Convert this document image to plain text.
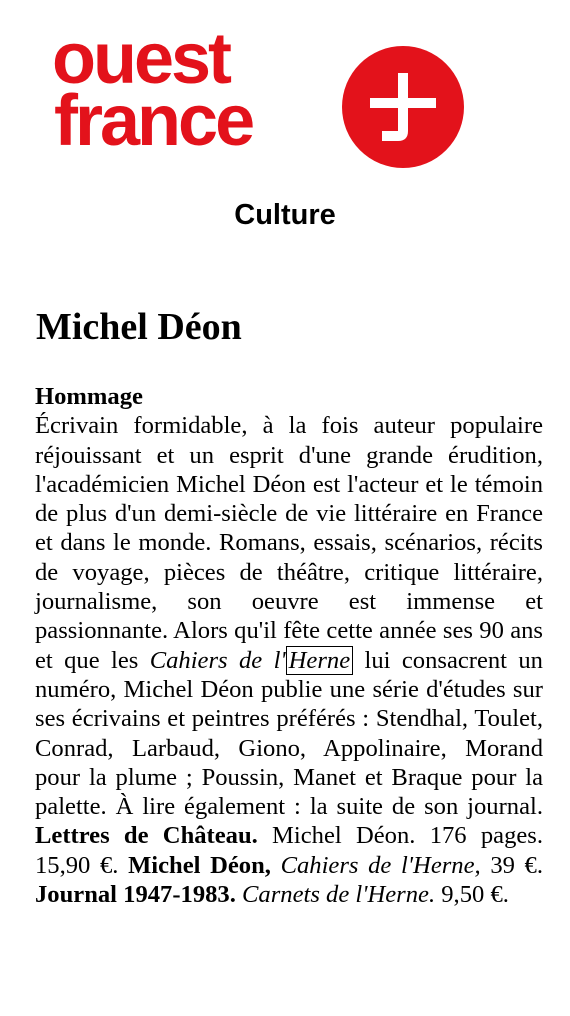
ouest
france
Culture
Michel Déon
Hommage
Écrivain formidable, à la fois auteur populaire réjouissant et un esprit d'une grande érudition, l'académicien Michel Déon est l'acteur et le témoin de plus d'un demi-siècle de vie littéraire en France et dans le monde. Romans, essais, scénarios, récits de voyage, pièces de théâtre, critique littéraire, journalisme, son oeuvre est immense et passionnante. Alors qu'il fête cette année ses 90 ans et que les Cahiers de l' Herne lui consacrent un numéro, Michel Déon publie une série d'études sur ses écrivains et peintres préférés : Stendhal, Toulet, Conrad, Larbaud, Giono, Appolinaire, Morand pour la plume ; Poussin, Manet et Braque pour la palette. À lire également : la suite de son journal. Lettres de Château. Michel Déon. 176 pages. 15,90 €. Michel Déon, Cahiers de l'Herne, 39 €. Journal 1947-1983. Carnets de l'Herne. 9,50 €.
